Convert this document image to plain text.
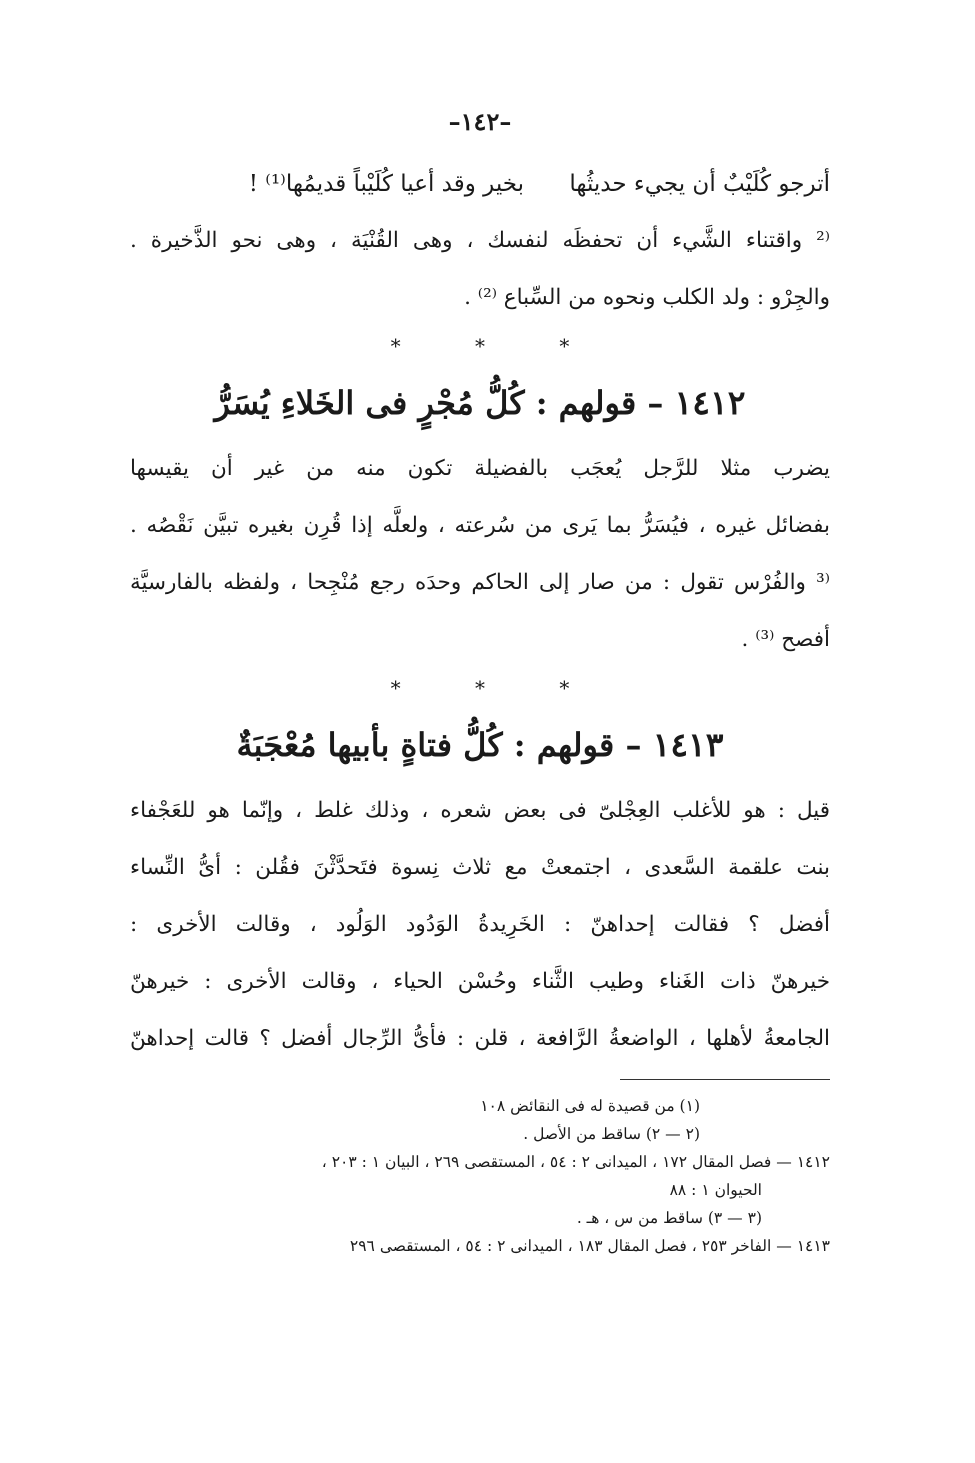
–١٤٢–
أترجو كُلَيْبٌ أن يجيء حديثُها بخير وقد أعيا كُلَيْباً قديمُها⁽¹⁾ !
⁽² واقتناء الشَّيء أن تحفظَه لنفسك ، وهى القُنْيَة ، وهى نحو الذَّخيرة .
والجِرْو : ولد الكلب ونحوه من السِّباع ⁽²⁾ .
* * *
١٤١٢ – قولهم : كُلُّ مُجْرٍ فى الخَلاءِ يُسَرُّ
يضرب مثلا للرَّجل يُعجَب بالفضيلة تكون منه من غير أن يقيسها
بفضائل غيره ، فيُسَرُّ بما يَرى من سُرعته ، ولعلَّه إذا قُرِن بغيره تبيَّن نَقْصُه .
⁽³ والفُرْس تقول : من صار إلى الحاكم وحدَه رجع مُنْجِحا ، ولفظه بالفارسيَّة
أفصح ⁽³⁾ .
* * *
١٤١٣ – قولهم : كُلُّ فتاةٍ بأبيها مُعْجَبَةٌ
قيل : هو للأغلب العِجْلىّ فى بعض شعره ، وذلك غلط ، وإنّما هو للعَجْفاء
بنت علقمة السَّعدى ، اجتمعتْ مع ثلاث نِسوة فتَحدَّثْنَ فقُلن : أىُّ النِّساء
أفضل ؟ فقالت إحداهنّ : الخَرِيدةُ الوَدُود الوَلُود ، وقالت الأخرى :
خيرهنّ ذات الغَناء وطيب الثَّناء وحُسْن الحياء ، وقالت الأخرى : خيرهنّ
الجامعةُ لأهلها ، الواضعةُ الرَّافعة ، قلن : فأىُّ الرِّجال أفضل ؟ قالت إحداهنّ
(١) من قصيدة له فى النقائض ١٠٨
(٢ — ٢) ساقط من الأصل .
١٤١٢ — فصل المقال ١٧٢ ، الميدانى ٢ : ٥٤ ، المستقصى ٢٦٩ ، البيان ١ : ٢٠٣ ،
الحيوان ١ : ٨٨
(٣ — ٣) ساقط من س ، هـ .
١٤١٣ — الفاخر ٢٥٣ ، فصل المقال ١٨٣ ، الميدانى ٢ : ٥٤ ، المستقصى ٢٩٦
